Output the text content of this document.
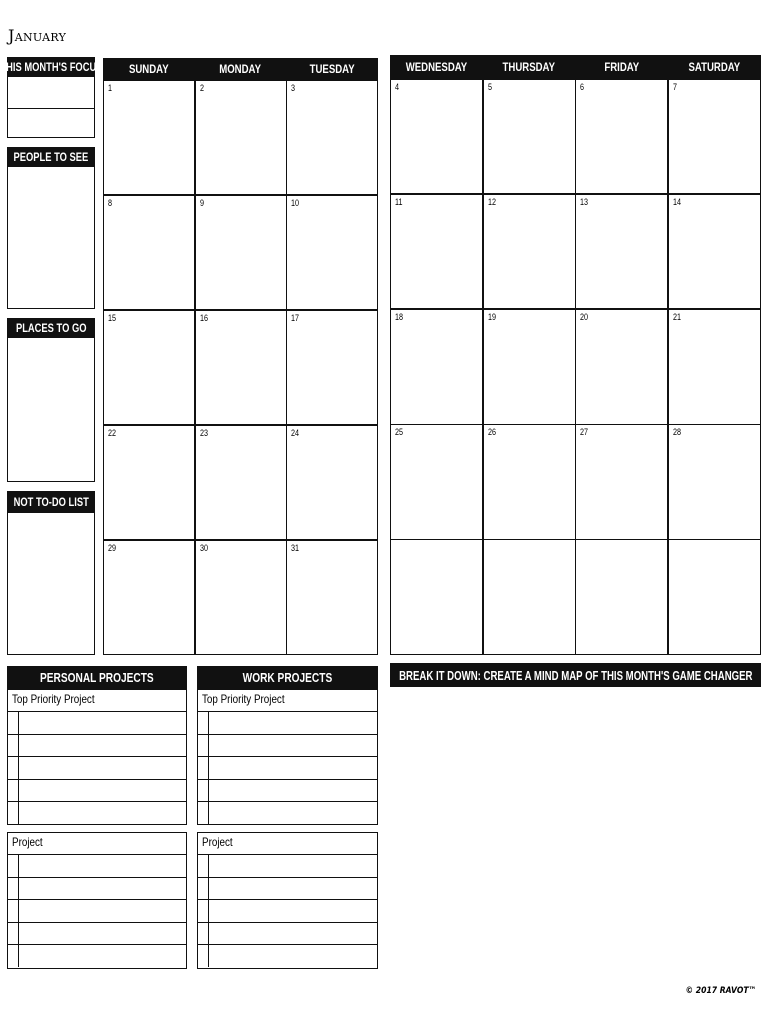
January
THIS MONTH'S FOCUS
PEOPLE TO SEE
PLACES TO GO
NOT TO-DO LIST
SUNDAY	MONDAY	TUESDAY
1	2	3
8	9	10
15	16	17
22	23	24
29	30	31
WEDNESDAY	THURSDAY	FRIDAY	SATURDAY
4	5	6	7
11	12	13	14
18	19	20	21
25	26	27	28
PERSONAL PROJECTS
Top Priority Project
Project
WORK PROJECTS
Top Priority Project
Project
BREAK IT DOWN: CREATE A MIND MAP OF THIS MONTH'S GAME CHANGER
© 2017 RAVOT™
